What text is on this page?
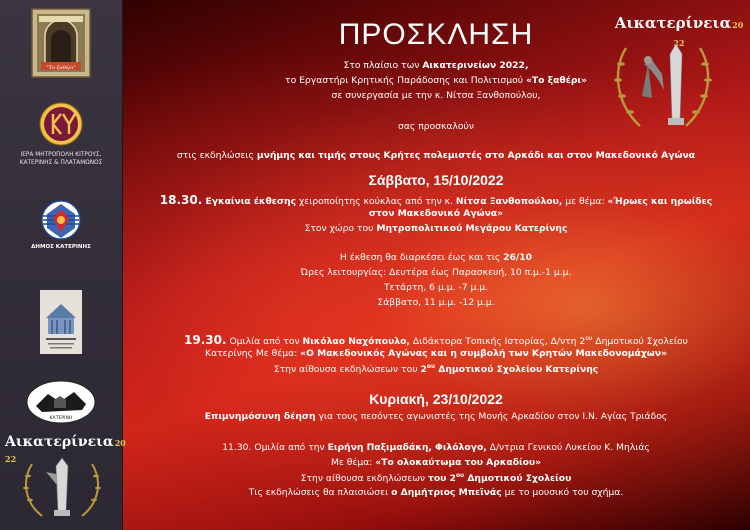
"Το ξαθέρι"
ΙΕΡΑ ΜΗΤΡΟΠΟΛΗ ΚΙΤΡΟΥΣ,
ΚΑΤΕΡΙΝΗΣ & ΠΛΑΤΑΜΩΝΟΣ
ΔΗΜΟΣ ΚΑΤΕΡΙΝΗΣ
ΚΑΤΕΡΙΝΗ
Αικατερίνεια20 22
ΠΡΟΣΚΛΗΣΗ
Στο πλαίσιο των Αικατερινείων 2022,
το Εργαστήρι Κρητικής Παράδοσης και Πολιτισμού «Το ξαθέρι»
σε συνεργασία με την κ. Νίτσα Ξανθοπούλου,
σας προσκαλούν
στις εκδηλώσεις μνήμης και τιμής στους Κρήτες πολεμιστές στο Αρκάδι και στον Μακεδονικό Αγώνα
Σάββατο, 15/10/2022
18.30. Εγκαίνια έκθεσης χειροποίητης κούκλας από την κ. Νίτσα Ξανθοπούλου, με θέμα: «Ήρωες και ηρωίδες
στον Μακεδονικό Αγώνα»
Στον χώρο του Μητροπολιτικού Μεγάρου Κατερίνης
Η έκθεση θα διαρκέσει έως και τις 26/10
Ώρες λειτουργίας: Δευτέρα έως Παρασκευή, 10 π.μ.-1 μ.μ.
Τετάρτη, 6 μ.μ. -7 μ.μ.
Σάββατο, 11 μ.μ. -12 μ.μ.
19.30. Ομιλία από τον Νικόλαο Ναχόπουλο, Διδάκτορα Τοπικής Ιστορίας, Δ/ντη $2^{o\upsilon}$ Δημοτικού Σχολείου
Κατερίνης Με θέμα: «Ο Μακεδονικός Αγώνας και η συμβολή των Κρητών Μακεδονομάχων»
Στην αίθουσα εκδηλώσεων του $2^{o\upsilon}$ Δημοτικού Σχολείου Κατερίνης
Κυριακή, 23/10/2022
Επιμνημόσυνη δέηση για τους πεσόντες αγωνιστές της Μονής Αρκαδίου στον Ι.Ν. Αγίας Τριάδος
11.30. Ομιλία από την Ειρήνη Παξιμαδάκη, Φιλόλογο, Δ/ντρια Γενικού Λυκείου Κ. Μηλιάς
Με θέμα: «Το ολοκαύτωμα του Αρκαδίου»
Στην αίθουσα εκδηλώσεων του $2^{o\upsilon}$ Δημοτικού Σχολείου
Τις εκδηλώσεις θα πλαισιώσει ο Δημήτριος Μπεϊνάς με το μουσικό του σχήμα.
Αικατερίνεια20 22
